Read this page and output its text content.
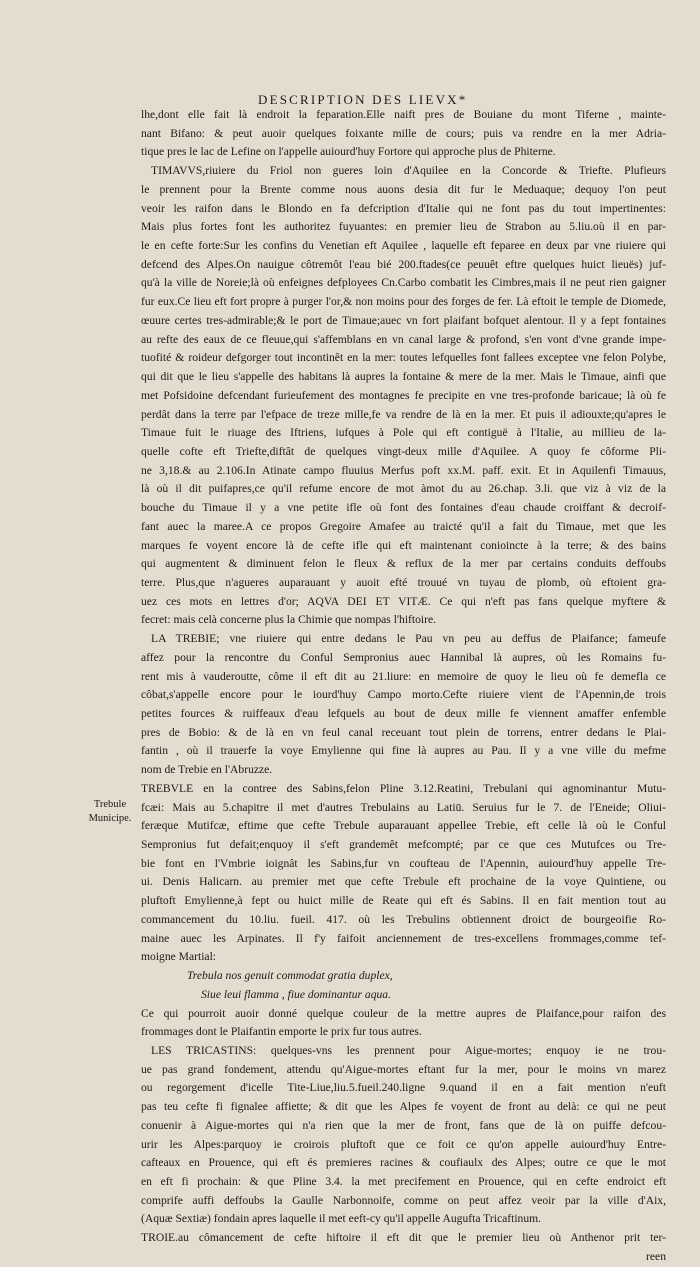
DESCRIPTION DES LIEVX*
Trebule
Municipe.
lhe,dont elle fait là endroit la feparation.Elle naift pres de Bouiane du mont Tiferne , mainte-
nant Bifano: & peut auoir quelques foixante mille de cours; puis va rendre en la mer Adria-
tique pres le lac de Lefine on l'appelle auiourd'huy Fortore qui approche plus de Phiterne.
TIMAVVS,riuiere du Friol non gueres loin d'Aquilee en la Concorde & Triefte. Plufieurs
le prennent pour la Brente comme nous auons desia dit fur le Meduaque; dequoy l'on peut
veoir les raifon dans le Blondo en fa defcription d'Italie qui ne font pas du tout impertinentes:
Mais plus fortes font les authoritez fuyuantes: en premier lieu de Strabon au 5.liu.où il en par-
le en cefte forte:Sur les confins du Venetian eft Aquilee , laquelle eft feparee en deux par vne riuiere qui
defcend des Alpes.On nauigue côtremôt l'eau bié 200.ftades(ce peuuêt eftre quelques huict lieuës) juf-
qu'à la ville de Noreie;là où enfeignes defployees Cn.Carbo combatit les Cimbres,mais il ne peut rien gaigner
fur eux.Ce lieu eft fort propre à purger l'or,& non moins pour des forges de fer. Là eftoit le temple de Diomede,
œuure certes tres-admirable;& le port de Timaue;auec vn fort plaifant bofquet alentour. Il y a fept fontaines
au refte des eaux de ce fleuue,qui s'affemblans en vn canal large & profond, s'en vont d'vne grande impe-
tuofité & roideur defgorger tout incontinêt en la mer: toutes lefquelles font fallees exceptee vne felon Polybe,
qui dit que le lieu s'appelle des habitans là aupres la fontaine & mere de la mer. Mais le Timaue, ainfi que
met Pofsidoine defcendant furieufement des montagnes fe precipite en vne tres-profonde baricaue; là où fe
perdât dans la terre par l'efpace de treze mille,fe va rendre de là en la mer. Et puis il adiouxte;qu'apres le
Timaue fuit le riuage des Iftriens, iufques à Pole qui eft contiguë à l'Italie, au millieu de la-
quelle cofte eft Triefte,diftât de quelques vingt-deux mille d'Aquilee. A quoy fe côforme Pli-
ne 3,18.& au 2.106.In Atinate campo fluuius Merfus poft xx.M. paff. exit. Et in Aquilenfi Timauus,
là où il dit puifapres,ce qu'il refume encore de mot àmot du au 26.chap. 3.li. que viz à viz de la
bouche du Timaue il y a vne petite ifle où font des fontaines d'eau chaude croiffant & decroif-
fant auec la maree.A ce propos Gregoire Amafee au traicté qu'il a fait du Timaue, met que les
marques fe voyent encore là de cefte ifle qui eft maintenant conioincte à la terre; & des bains
qui augmentent & diminuent felon le fleux & reflux de la mer par certains conduits deffoubs
terre. Plus,que n'agueres auparauant y auoit efté trouué vn tuyau de plomb, où eftoient gra-
uez ces mots en lettres d'or; AQVA DEI ET VITÆ. Ce qui n'eft pas fans quelque myftere &
fecret: mais celà concerne plus la Chimie que nompas l'hiftoire.
LA TREBIE; vne riuiere qui entre dedans le Pau vn peu au deffus de Plaifance; fameufe
affez pour la rencontre du Conful Sempronius auec Hannibal là aupres, où les Romains fu-
rent mis à vauderoutte, côme il eft dit au 21.liure: en memoire de quoy le lieu où fe demefla ce
côbat,s'appelle encore pour le iourd'huy Campo morto.Cefte riuiere vient de l'Apennin,de trois
petites fources & ruiffeaux d'eau lefquels au bout de deux mille fe viennent amaffer enfemble
pres de Bobio: & de là en vn feul canal receuant tout plein de torrens, entrer dedans le Plai-
fantin , où il trauerfe la voye Emylienne qui fine là aupres au Pau. Il y a vne ville du mefme
nom de Trebie en l'Abruzze.
TREBVLE en la contree des Sabins,felon Pline 3.12.Reatini, Trebulani qui agnominantur Mutu-
fcæi: Mais au 5.chapitre il met d'autres Trebulains au Latiū. Seruius fur le 7. de l'Eneide; Oliui-
feræque Mutifcæ, eftime que cefte Trebule auparauant appellee Trebie, eft celle là où le Conful
Sempronius fut defait;enquoy il s'eft grandemêt mefcompté; par ce que ces Mutufces ou Tre-
bie font en l'Vmbrie ioignât les Sabins,fur vn coufteau de l'Apennin, auiourd'huy appelle Tre-
ui. Denis Halicarn. au premier met que cefte Trebule eft prochaine de la voye Quintiene, ou
pluftoft Emylienne,à fept ou huict mille de Reate qui eft és Sabins. Il en fait mention tout au
commancement du 10.liu. fueil. 417. où les Trebulins obtiennent droict de bourgeoifie Ro-
maine auec les Arpinates. Il f'y faifoit anciennement de tres-excellens frommages,comme tef-
moigne Martial:
Trebula nos genuit commodat gratia duplex,
Siue leui flamma , fiue dominantur aqua.
Ce qui pourroit auoir donné quelque couleur de la mettre aupres de Plaifance,pour raifon des
frommages dont le Plaifantin emporte le prix fur tous autres.
LES TRICASTINS: quelques-vns les prennent pour Aigue-mortes; enquoy ie ne trou-
ue pas grand fondement, attendu qu'Aigue-mortes eftant fur la mer, pour le moins vn marez
ou regorgement d'icelle Tite-Liue,liu.5.fueil.240.ligne 9.quand il en a fait mention n'euft
pas teu cefte fi fignalee affiette; & dit que les Alpes fe voyent de front au delà: ce qui ne peut
conuenir à Aigue-mortes qui n'a rien que la mer de front, fans que de là on puiffe defcou-
urir les Alpes:parquoy ie croirois pluftoft que ce foit ce qu'on appelle auiourd'huy Entre-
cafteaux en Prouence, qui eft és premieres racines & coufiaulx des Alpes; outre ce que le mot
en eft fi prochain: & que Pline 3.4. la met precifement en Prouence, qui en cefte endroict eft
comprife auffi deffoubs la Gaulle Narbonnoife, comme on peut affez veoir par la ville d'Aix,
(Aquæ Sextiæ) fondain apres laquelle il met eeft-cy qu'il appelle Augufta Tricaftinum.
TROIE.au cômancement de cefte hiftoire il eft dit que le premier lieu où Anthenor prit ter-
reen
